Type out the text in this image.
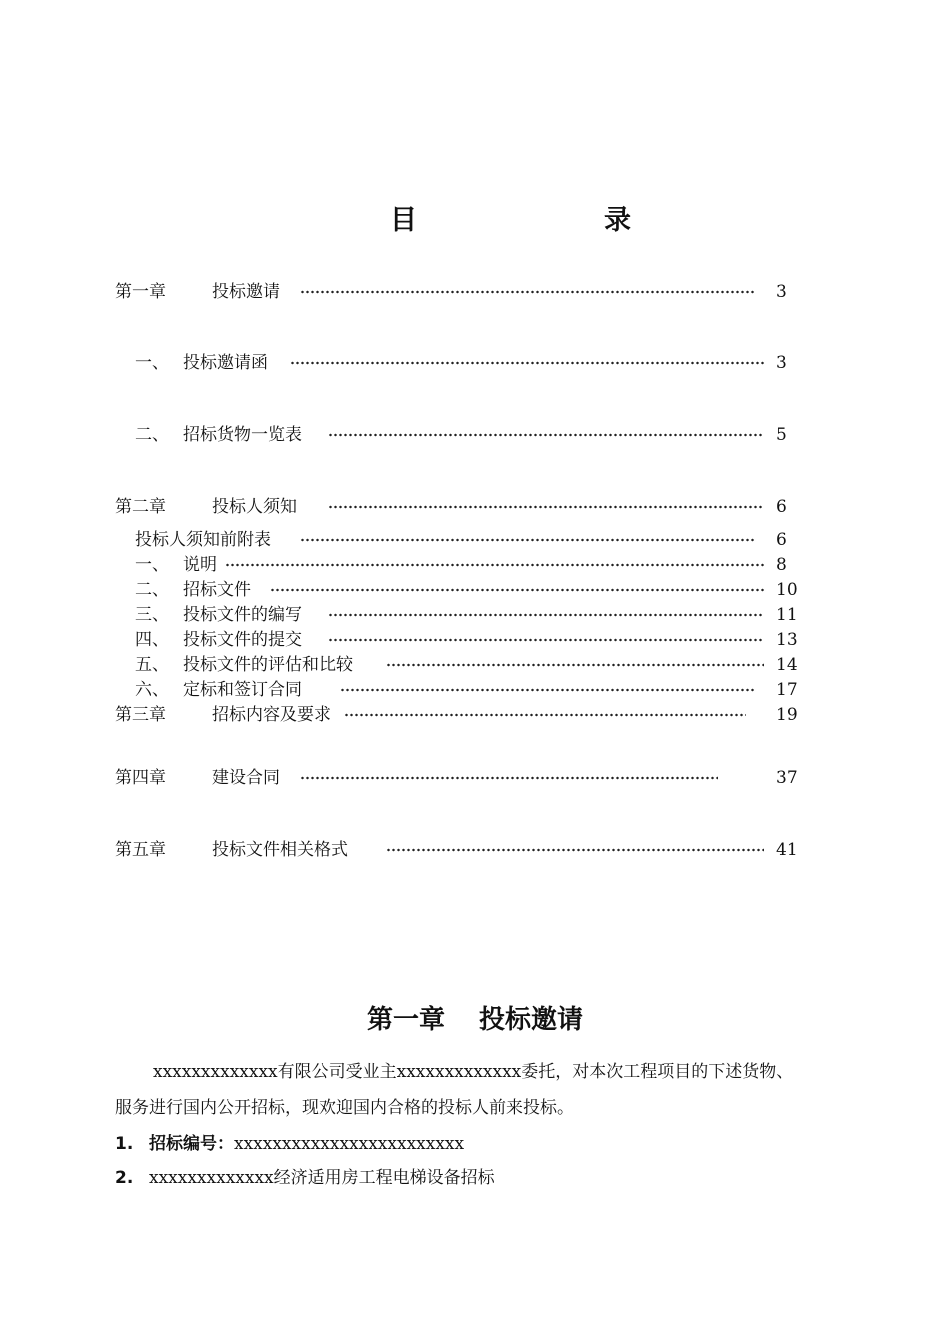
目	录
第一章	投标邀请	3
一、 投标邀请函	3
二、 招标货物一览表	5
第二章	投标人须知	6
投标人须知前附表	6
一、 说明	8
二、 招标文件	10
三、 投标文件的编写	11
四、 投标文件的提交	13
五、 投标文件的评估和比较	14
六、 定标和签订合同	17
第三章	招标内容及要求	19
第四章	建设合同	37
第五章	投标文件相关格式	41
第一章 投标邀请
xxxxxxxxxxxxx有限公司受业主xxxxxxxxxxxxx委托，对本次工程项目的下述货物、
服务进行国内公开招标，现欢迎国内合格的投标人前来投标。
1. 招标编号：xxxxxxxxxxxxxxxxxxxxxxxx
2. xxxxxxxxxxxxx经济适用房工程电梯设备招标
